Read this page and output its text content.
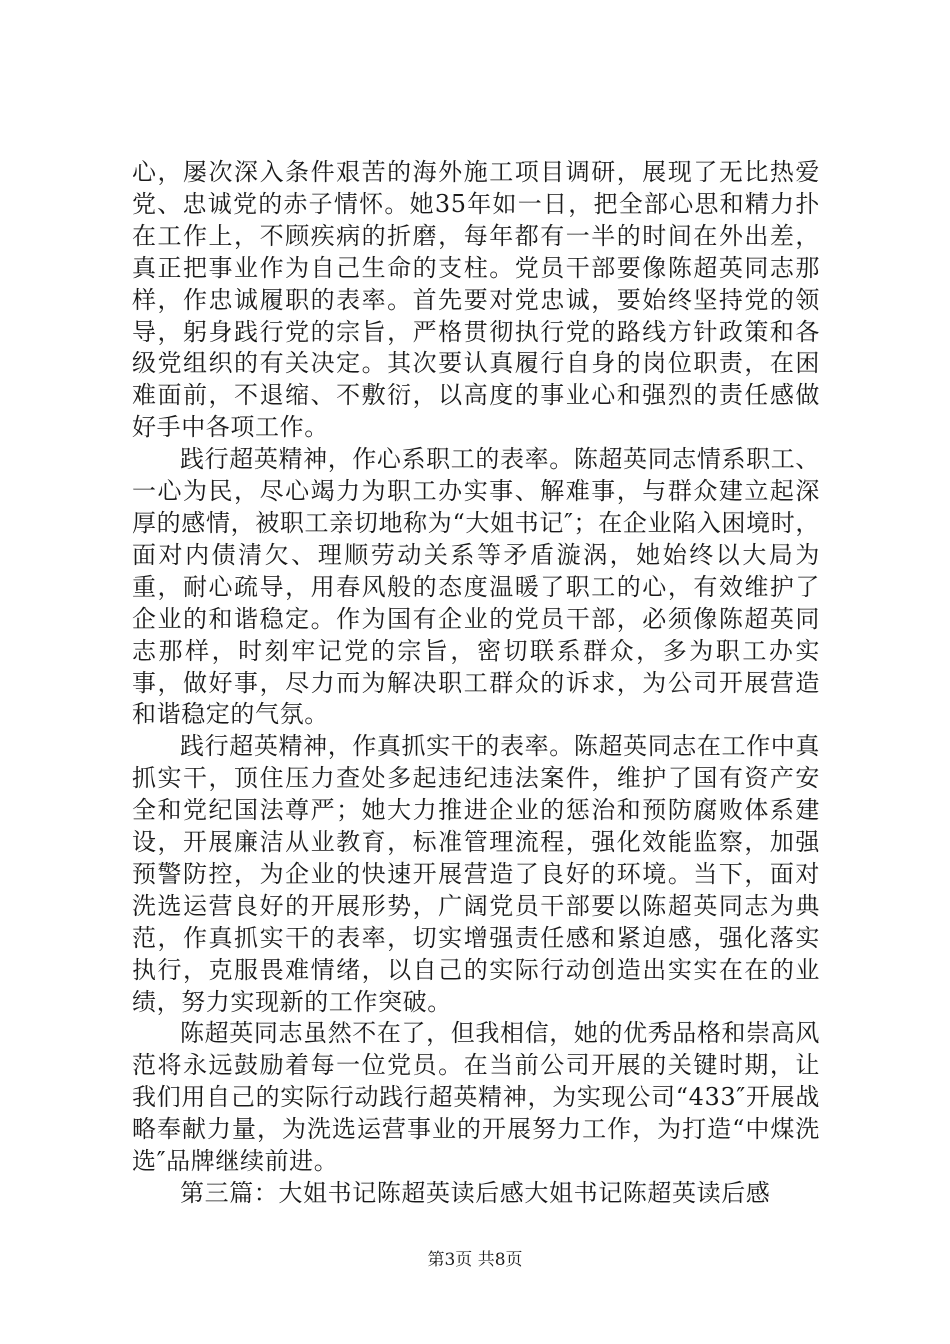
心，屡次深入条件艰苦的海外施工项目调研，展现了无比热爱党、忠诚党的赤子情怀。她35年如一日，把全部心思和精力扑在工作上，不顾疾病的折磨，每年都有一半的时间在外出差，真正把事业作为自己生命的支柱。党员干部要像陈超英同志那样，作忠诚履职的表率。首先要对党忠诚，要始终坚持党的领导，躬身践行党的宗旨，严格贯彻执行党的路线方针政策和各级党组织的有关决定。其次要认真履行自身的岗位职责，在困难面前，不退缩、不敷衍，以高度的事业心和强烈的责任感做好手中各项工作。

践行超英精神，作心系职工的表率。陈超英同志情系职工、一心为民，尽心竭力为职工办实事、解难事，与群众建立起深厚的感情，被职工亲切地称为“大姐书记″；在企业陷入困境时，面对内债清欠、理顺劳动关系等矛盾漩涡，她始终以大局为重，耐心疏导，用春风般的态度温暖了职工的心，有效维护了企业的和谐稳定。作为国有企业的党员干部，必须像陈超英同志那样，时刻牢记党的宗旨，密切联系群众，多为职工办实事，做好事，尽力而为解决职工群众的诉求，为公司开展营造和谐稳定的气氛。

践行超英精神，作真抓实干的表率。陈超英同志在工作中真抓实干，顶住压力查处多起违纪违法案件，维护了国有资产安全和党纪国法尊严；她大力推进企业的惩治和预防腐败体系建设，开展廉洁从业教育，标准管理流程，强化效能监察，加强预警防控，为企业的快速开展营造了良好的环境。当下，面对洗选运营良好的开展形势，广阔党员干部要以陈超英同志为典范，作真抓实干的表率，切实增强责任感和紧迫感，强化落实执行，克服畏难情绪，以自己的实际行动创造出实实在在的业绩，努力实现新的工作突破。

陈超英同志虽然不在了，但我相信，她的优秀品格和崇高风范将永远鼓励着每一位党员。在当前公司开展的关键时期，让我们用自己的实际行动践行超英精神，为实现公司“433″开展战略奉献力量，为洗选运营事业的开展努力工作，为打造“中煤洗选″品牌继续前进。

第三篇：大姐书记陈超英读后感大姐书记陈超英读后感

第3页 共8页
